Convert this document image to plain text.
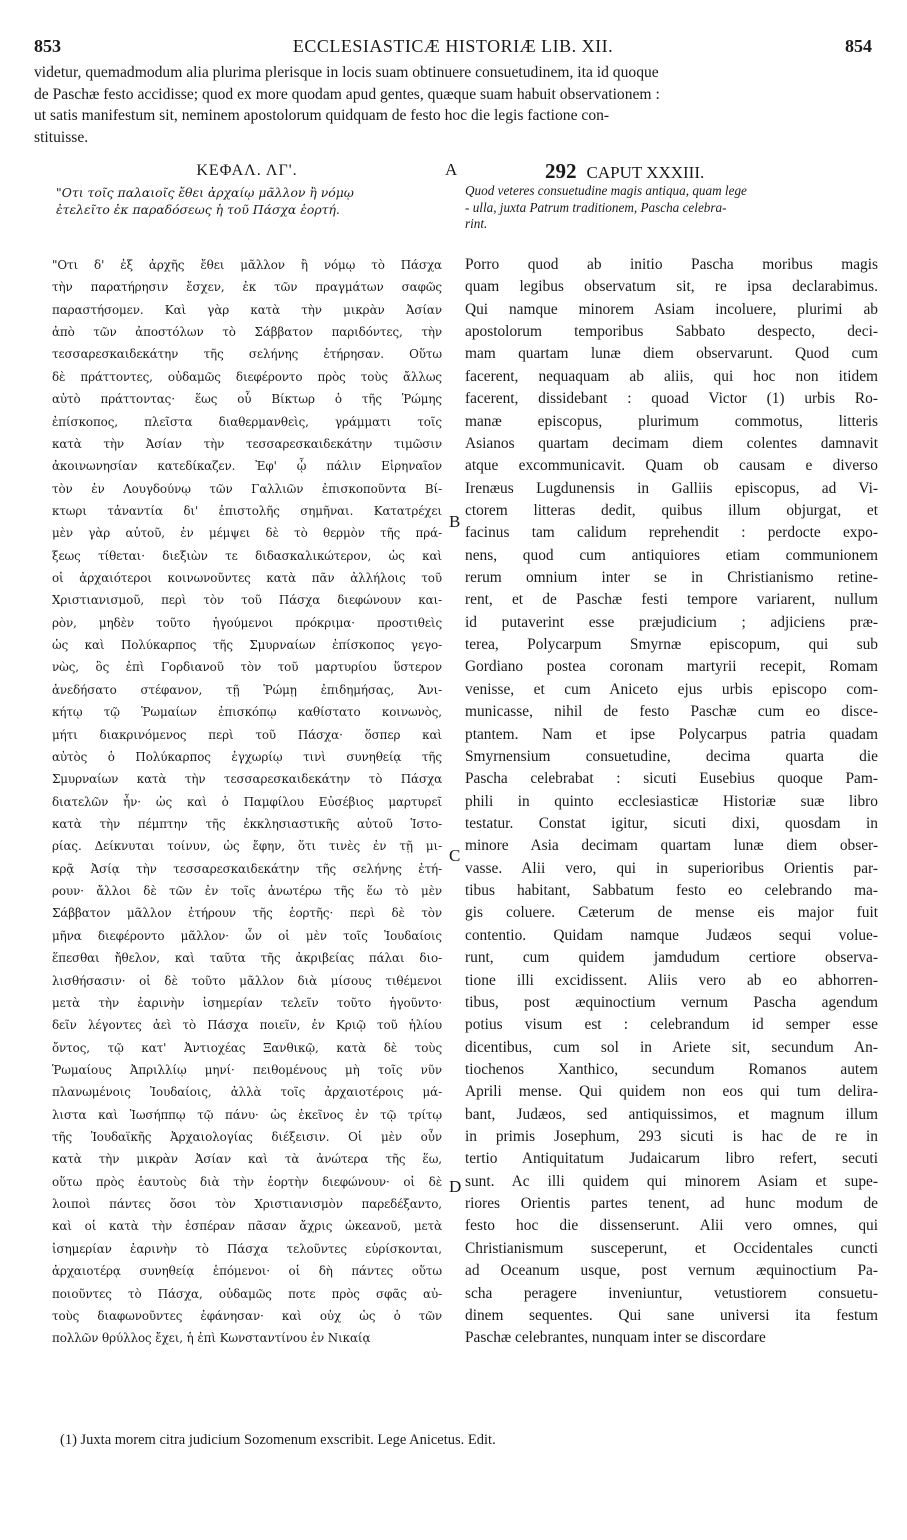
853	ECCLESIASTICÆ HISTORIÆ LIB. XII.	854
videtur, quemadmodum alia plurima plerisque in locis suam obtinuere consuetudinem, ita id quoque
de Paschæ festo accidisse; quod ex more quodam apud gentes, quæque suam habuit observationem :
ut satis manifestum sit, neminem apostolorum quidquam de festo hoc die legis factione con-
stituisse.
ΚΕΦΑΛ. ΛΓ'.
"Οτι τοῖς παλαιοῖς ἔθει ἀρχαίῳ μᾶλλον ἢ νόμῳ
ἐτελεῖτο ἐκ παραδόσεως ἡ τοῦ Πάσχα ἑορτή.
A	292 CAPUT XXXIII.
Quod veteres consuetudine magis antiqua, quam lege
- ulla, juxta Patrum traditionem, Pascha celebra-
rint.
"Οτι δ' ἐξ ἀρχῆς ἔθει μᾶλλον ἢ νόμῳ τὸ Πάσχα
τὴν παρατήρησιν ἔσχεν, ἐκ τῶν πραγμάτων σαφῶς
παραστήσομεν. Καὶ γὰρ κατὰ τὴν μικρὰν Ἀσίαν
ἀπὸ τῶν ἀποστόλων τὸ Σάββατον παριδόντες, τὴν
τεσσαρεσκαιδεκάτην τῆς σελήνης ἐτήρησαν. Οὕτω
δὲ πράττοντες, οὐδαμῶς διεφέροντο πρὸς τοὺς ἄλλως
αὐτὸ πράττοντας· ἕως οὗ Βίκτωρ ὁ τῆς Ῥώμης
ἐπίσκοπος, πλεῖστα διαθερμανθεὶς, γράμματι τοῖς
κατὰ τὴν Ἀσίαν τὴν τεσσαρεσκαιδεκάτην τιμῶσιν
ἀκοινωνησίαν κατεδίκαζεν. Ἐφ' ᾧ πάλιν Εἰρηναῖον
τὸν ἐν Λουγδούνῳ τῶν Γαλλιῶν ἐπισκοποῦντα Βί-
κτωρι τἀναντία δι' ἐπιστολῆς σημῆναι. Κατατρέχει
μὲν γὰρ αὐτοῦ, ἐν μέμψει δὲ τὸ θερμὸν τῆς πρά-
ξεως τίθεται· διεξιὼν τε διδασκαλικώτερον, ὡς καὶ
οἱ ἀρχαιότεροι κοινωνοῦντες κατὰ πᾶν ἀλλήλοις τοῦ
Χριστιανισμοῦ, περὶ τὸν τοῦ Πάσχα διεφώνουν και-
ρὸν, μηδὲν τοῦτο ἡγούμενοι πρόκριμα· προστιθεὶς
ὡς καὶ Πολύκαρπος τῆς Σμυρναίων ἐπίσκοπος γεγο-
νὼς, ὃς ἐπὶ Γορδιανοῦ τὸν τοῦ μαρτυρίου ὕστερον
ἀνεδήσατο στέφανον, τῇ Ῥώμῃ ἐπιδημήσας, Ἀνι-
κήτῳ τῷ Ῥωμαίων ἐπισκόπῳ καθίστατο κοινωνὸς,
μήτι διακρινόμενος περὶ τοῦ Πάσχα· ὅσπερ καὶ
αὐτὸς ὁ Πολύκαρπος ἐγχωρίῳ τινὶ συνηθείᾳ τῆς
Σμυρναίων κατὰ τὴν τεσσαρεσκαιδεκάτην τὸ Πάσχα
διατελῶν ἦν· ὡς καὶ ὁ Παμφίλου Εὐσέβιος μαρτυρεῖ
κατὰ τὴν πέμπτην τῆς ἐκκλησιαστικῆς αὐτοῦ Ἱστο-
ρίας. Δείκνυται τοίνυν, ὡς ἔφην, ὅτι τινὲς ἐν τῇ μι-
κρᾷ Ἀσίᾳ τὴν τεσσαρεσκαιδεκάτην τῆς σελήνης ἐτή-
ρουν· ἄλλοι δὲ τῶν ἐν τοῖς ἀνωτέρω τῆς ἕω τὸ μὲν
Σάββατον μᾶλλον ἐτήρουν τῆς ἑορτῆς· περὶ δὲ τὸν
μῆνα διεφέροντο μᾶλλον· ὧν οἱ μὲν τοῖς Ἰουδαίοις
ἕπεσθαι ἤθελον, καὶ ταῦτα τῆς ἀκριβείας πάλαι διο-
λισθήσασιν· οἱ δὲ τοῦτο μᾶλλον διὰ μίσους τιθέμενοι
μετὰ τὴν ἐαρινὴν ἰσημερίαν τελεῖν τοῦτο ἡγοῦντο·
δεῖν λέγοντες ἀεὶ τὸ Πάσχα ποιεῖν, ἐν Κριῷ τοῦ ἡλίου
ὄντος, τῷ κατ' Ἀντιοχέας Ξανθικῷ, κατὰ δὲ τοὺς
Ῥωμαίους Ἀπριλλίῳ μηνί· πειθομένους μὴ τοῖς νῦν
πλανωμένοις Ἰουδαίοις, ἀλλὰ τοῖς ἀρχαιοτέροις μά-
λιστα καὶ Ἰωσήππῳ τῷ πάνυ· ὡς ἐκεῖνος ἐν τῷ τρίτῳ
τῆς Ἰουδαϊκῆς Ἀρχαιολογίας διέξεισιν. Οἱ μὲν οὖν
κατὰ τὴν μικρὰν Ἀσίαν καὶ τὰ ἀνώτερα τῆς ἕω,
οὕτω πρὸς ἑαυτοὺς διὰ τὴν ἑορτὴν διεφώνουν· οἱ δὲ
λοιποὶ πάντες ὅσοι τὸν Χριστιανισμὸν παρεδέξαντο,
καὶ οἱ κατὰ τὴν ἑσπέραν πᾶσαν ἄχρις ὠκεανοῦ, μετὰ
ἰσημερίαν ἐαρινὴν τὸ Πάσχα τελοῦντες εὑρίσκονται,
ἀρχαιοτέρᾳ συνηθείᾳ ἑπόμενοι· οἱ δὴ πάντες οὕτω
ποιοῦντες τὸ Πάσχα, οὐδαμῶς ποτε πρὸς σφᾶς αὐ-
τοὺς διαφωνοῦντες ἐφάνησαν· καὶ οὐχ ὡς ὁ τῶν
πολλῶν θρύλλος ἔχει, ἡ ἐπὶ Κωνσταντίνου ἐν Νικαίᾳ
Porro quod ab initio Pascha moribus magis
quam legibus observatum sit, re ipsa declarabimus.
Qui namque minorem Asiam incoluere, plurimi ab
apostolorum temporibus Sabbato despecto, deci-
mam quartam lunæ diem observarunt. Quod cum
facerent, nequaquam ab aliis, qui hoc non itidem
facerent, dissidebant : quoad Victor (1) urbis Ro-
manæ episcopus, plurimum commotus, litteris
Asianos quartam decimam diem colentes damnavit
atque excommunicavit. Quam ob causam e diverso
Irenæus Lugdunensis in Galliis episcopus, ad Vi-
ctorem litteras dedit, quibus illum objurgat, et
facinus tam calidum reprehendit : perdocte expo-
nens, quod cum antiquiores etiam communionem
rerum omnium inter se in Christianismo retine-
rent, et de Paschæ festi tempore variarent, nullum
id putaverint esse præjudicium ; adjiciens præ-
terea, Polycarpum Smyrnæ episcopum, qui sub
Gordiano postea coronam martyrii recepit, Romam
venisse, et cum Aniceto ejus urbis episcopo com-
municasse, nihil de festo Paschæ cum eo disce-
ptantem. Nam et ipse Polycarpus patria quadam
Smyrnensium consuetudine, decima quarta die
Pascha celebrabat : sicuti Eusebius quoque Pam-
phili in quinto ecclesiasticæ Historiæ suæ libro
testatur. Constat igitur, sicuti dixi, quosdam in
minore Asia decimam quartam lunæ diem obser-
vasse. Alii vero, qui in superioribus Orientis par-
tibus habitant, Sabbatum festo eo celebrando ma-
gis coluere. Cæterum de mense eis major fuit
contentio. Quidam namque Judæos sequi volue-
runt, cum quidem jamdudum certiore observa-
tione illi excidissent. Aliis vero ab eo abhorren-
tibus, post æquinoctium vernum Pascha agendum
potius visum est : celebrandum id semper esse
dicentibus, cum sol in Ariete sit, secundum An-
tiochenos Xanthico, secundum Romanos autem
Aprili mense. Qui quidem non eos qui tum delira-
bant, Judæos, sed antiquissimos, et magnum illum
in primis Josephum, 293 sicuti is hac de re in
tertio Antiquitatum Judaicarum libro refert, secuti
sunt. Ac illi quidem qui minorem Asiam et supe-
riores Orientis partes tenent, ad hunc modum de
festo hoc die dissenserunt. Alii vero omnes, qui
Christianismum susceperunt, et Occidentales cuncti
ad Oceanum usque, post vernum æquinoctium Pa-
scha peragere inveniuntur, vetustiorem consuetu-
dinem sequentes. Qui sane universi ita festum
Paschæ celebrantes, nunquam inter se discordare
B
C
D
(1) Juxta morem citra judicium Sozomenum exscribit. Lege Anicetus. Edit.
